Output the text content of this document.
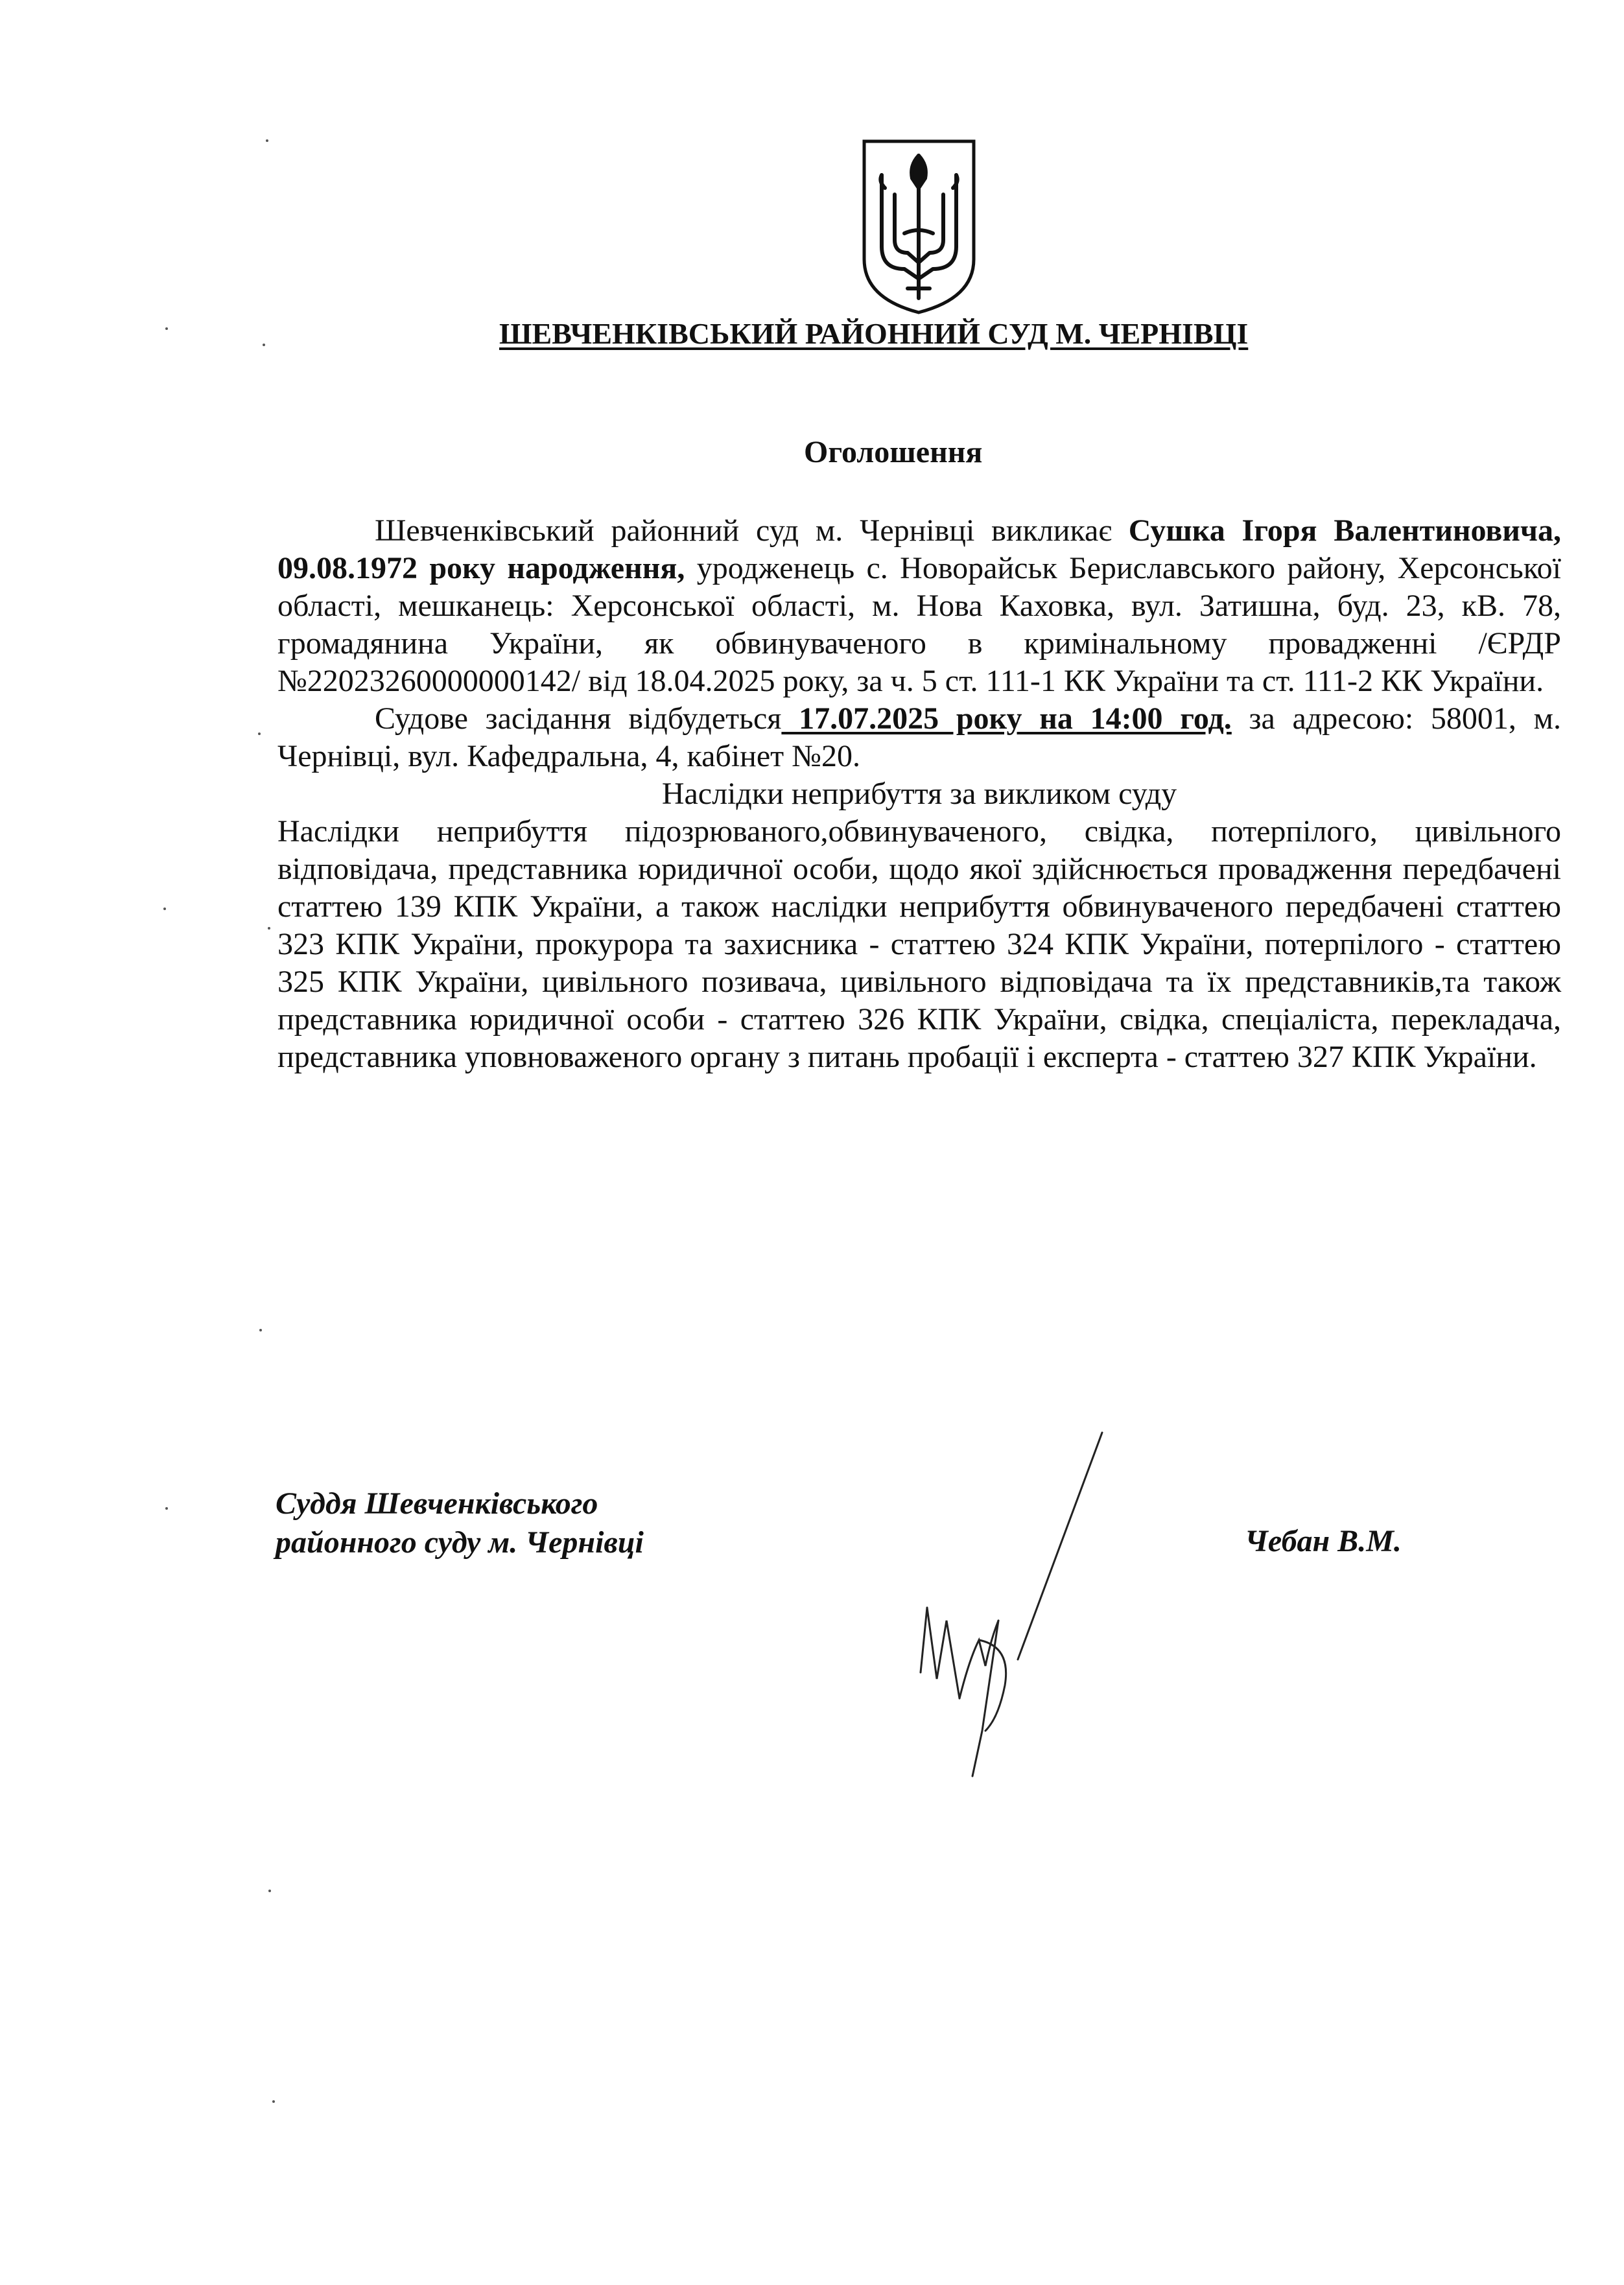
ШЕВЧЕНКІВСЬКИЙ РАЙОННИЙ СУД М. ЧЕРНІВЦІ
Оголошення

Шевченківський районний суд м. Чернівці викликає Сушка Ігоря Валентиновича, 09.08.1972 року народження, уродженець с. Новорайськ Бериславського району, Херсонської області, мешканець: Херсонської області, м. Нова Каховка, вул. Затишна, буд. 23, кВ. 78, громадянина України, як обвинуваченого в кримінальному провадженні /ЄРДР №22023260000000142/ від 18.04.2025 року, за ч. 5 ст. 111-1 КК України та ст. 111-2 КК України.

Судове засідання відбудеться 17.07.2025 року на 14:00 год. за адресою: 58001, м. Чернівці, вул. Кафедральна, 4, кабінет №20.

Наслідки неприбуття за викликом суду

Наслідки неприбуття підозрюваного,обвинуваченого, свідка, потерпілого, цивільного відповідача, представника юридичної особи, щодо якої здійснюється провадження передбачені статтею 139 КПК України, а також наслідки неприбуття обвинуваченого передбачені статтею 323 КПК України, прокурора та захисника - статтею 324 КПК України, потерпілого - статтею 325 КПК України, цивільного позивача, цивільного відповідача та їх представників,та також представника юридичної особи - статтею 326 КПК України, свідка, спеціаліста, перекладача, представника уповноваженого органу з питань пробації і експерта - статтею 327 КПК України.

Суддя Шевченківського
районного суду м. Чернівці	Чебан В.М.
